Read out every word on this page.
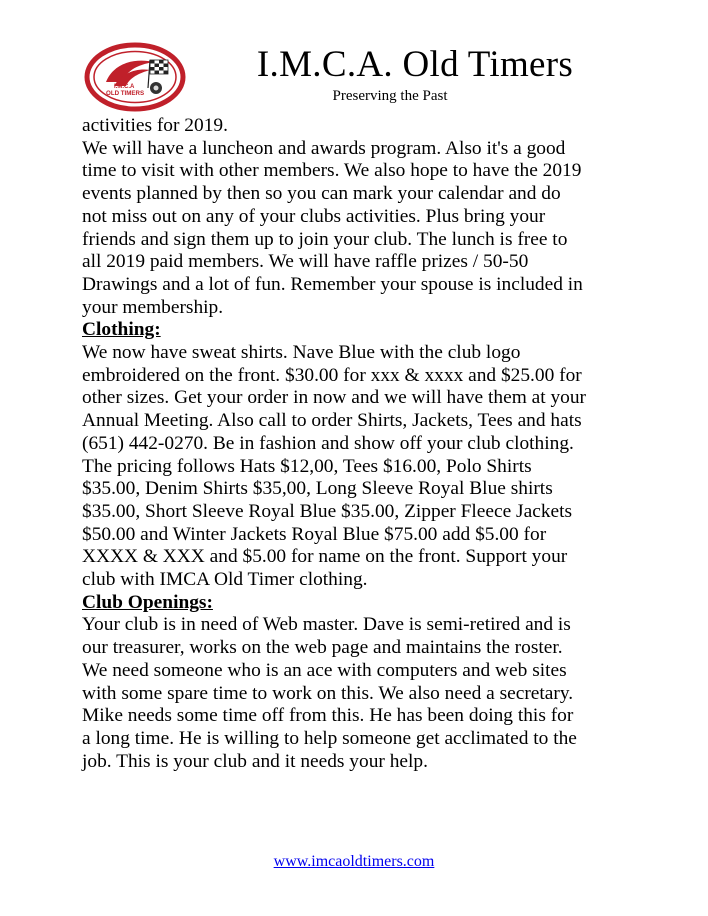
I.M.C.A
OLD TIMERS
I.M.C.A. Old Timers
Preserving the Past

activities for 2019.

We will have a luncheon and awards program. Also it's a good

time to visit with other members. We also hope to have the 2019

events planned by then so you can mark your calendar and do

not miss out on any of your clubs activities. Plus bring your

friends and sign them up to join your club. The lunch is free to

all 2019 paid members. We will have raffle prizes / 50-50

Drawings and a lot of fun. Remember your spouse is included in

your membership.

Clothing:

We now have sweat shirts. Nave Blue with the club logo

embroidered on the front. $30.00 for xxx & xxxx and $25.00 for

other sizes. Get your order in now and we will have them at your

Annual Meeting. Also call to order Shirts, Jackets, Tees and hats

(651) 442-0270. Be in fashion and show off your club clothing.

The pricing follows Hats $12,00, Tees $16.00, Polo Shirts

$35.00, Denim Shirts $35,00, Long Sleeve Royal Blue shirts

$35.00, Short Sleeve Royal Blue $35.00, Zipper Fleece Jackets

$50.00 and Winter Jackets Royal Blue $75.00 add $5.00 for

XXXX & XXX and $5.00 for name on the front. Support your

club with IMCA Old Timer clothing.

Club Openings:

Your club is in need of Web master. Dave is semi-retired and is

our treasurer, works on the web page and maintains the roster.

We need someone who is an ace with computers and web sites

with some spare time to work on this. We also need a secretary.

Mike needs some time off from this. He has been doing this for

a long time. He is willing to help someone get acclimated to the

job. This is your club and it needs your help.

www.imcaoldtimers.com
